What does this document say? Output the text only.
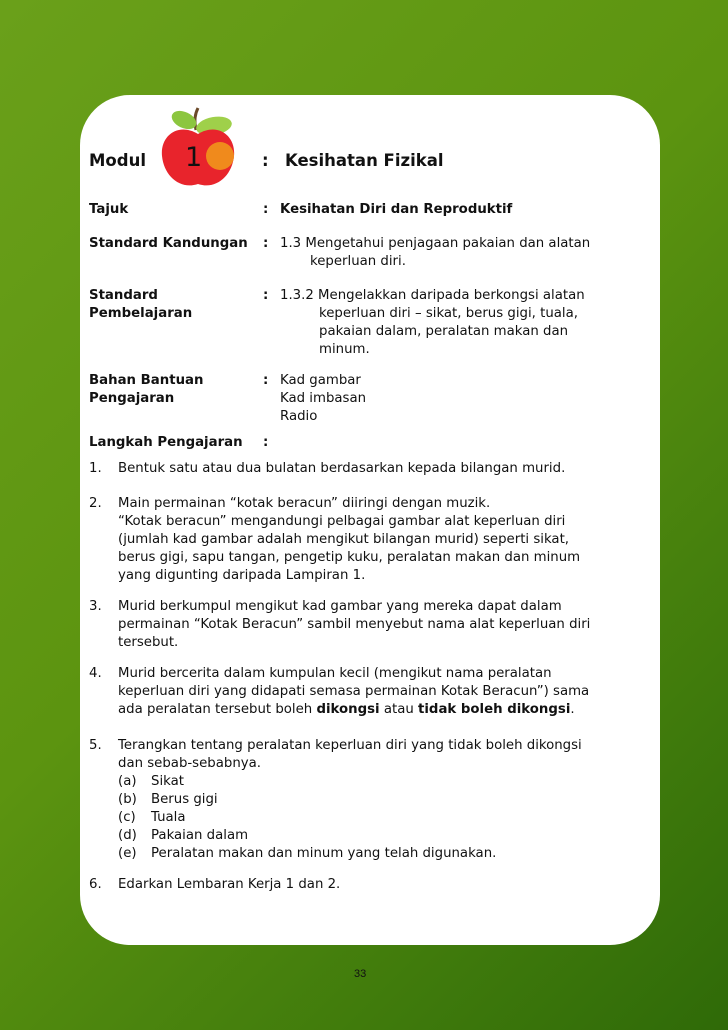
1
Modul	: Kesihatan Fizikal
Tajuk	: Kesihatan Diri dan Reproduktif
Standard Kandungan : 1.3 Mengetahui penjagaan pakaian dan alatan
keperluan diri.
Standard
Pembelajaran
: 1.3.2 Mengelakkan daripada berkongsi alatan
keperluan diri – sikat, berus gigi, tuala,
pakaian dalam, peralatan makan dan
minum.
Bahan Bantuan
Pengajaran
: Kad gambar
Kad imbasan
Radio
Langkah Pengajaran :
1. Bentuk satu atau dua bulatan berdasarkan kepada bilangan murid.
2. Main permainan “kotak beracun” diiringi dengan muzik.
“Kotak beracun” mengandungi pelbagai gambar alat keperluan diri
(jumlah kad gambar adalah mengikut bilangan murid) seperti sikat,
berus gigi, sapu tangan, pengetip kuku, peralatan makan dan minum
yang digunting daripada Lampiran 1.
3. Murid berkumpul mengikut kad gambar yang mereka dapat dalam
permainan “Kotak Beracun” sambil menyebut nama alat keperluan diri
tersebut.
4. Murid bercerita dalam kumpulan kecil (mengikut nama peralatan
keperluan diri yang didapati semasa permainan Kotak Beracun”) sama
ada peralatan tersebut boleh dikongsi atau tidak boleh dikongsi.
5. Terangkan tentang peralatan keperluan diri yang tidak boleh dikongsi
dan sebab-sebabnya.
(a) Sikat
(b) Berus gigi
(c) Tuala
(d) Pakaian dalam
(e) Peralatan makan dan minum yang telah digunakan.
6. Edarkan Lembaran Kerja 1 dan 2.
33
